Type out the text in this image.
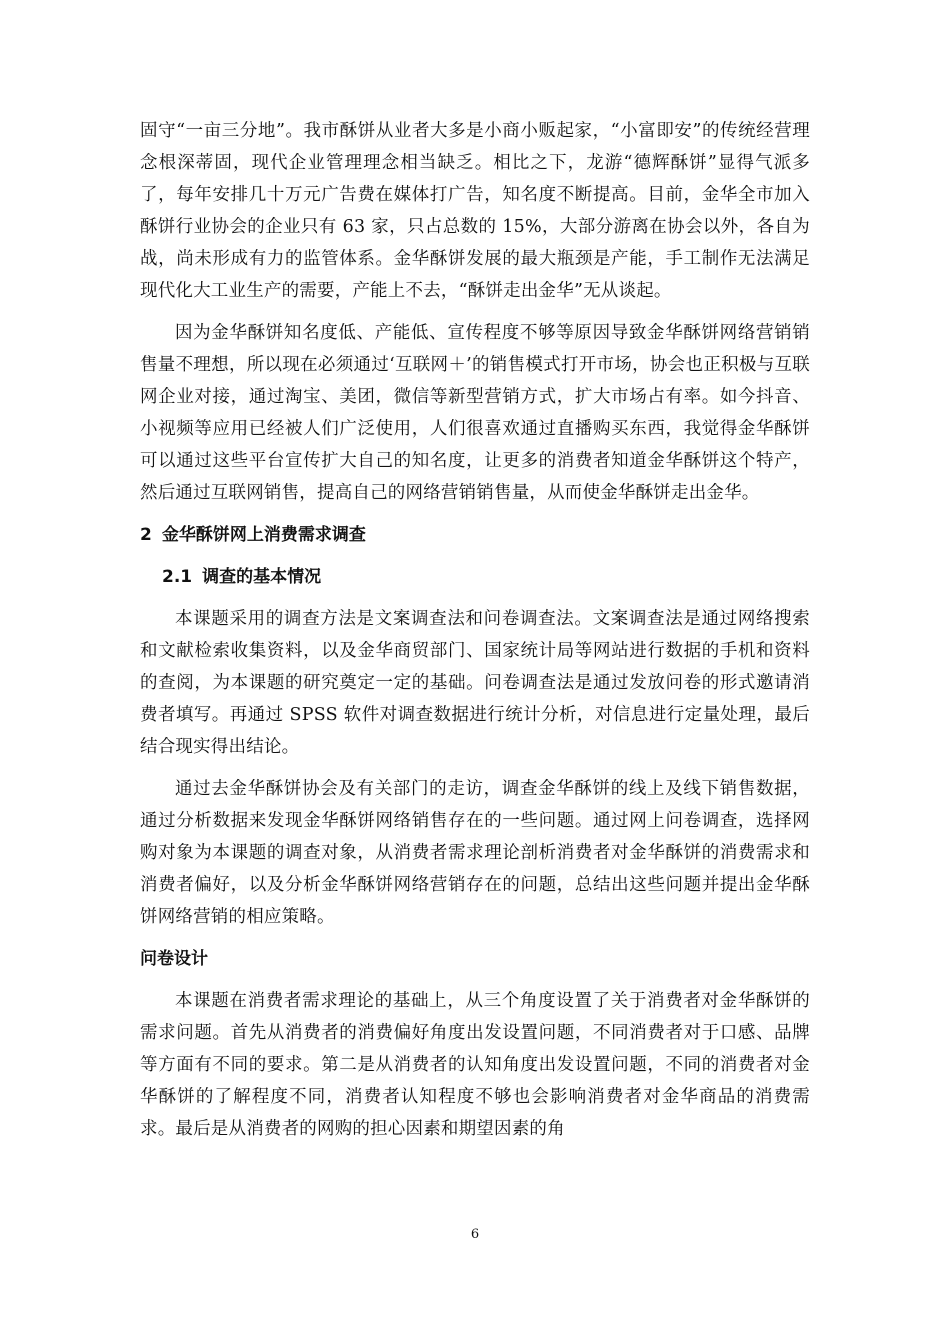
固守“一亩三分地”。我市酥饼从业者大多是小商小贩起家，“小富即安”的传统经营理念根深蒂固，现代企业管理理念相当缺乏。相比之下，龙游“德辉酥饼”显得气派多了，每年安排几十万元广告费在媒体打广告，知名度不断提高。目前，金华全市加入酥饼行业协会的企业只有 63 家，只占总数的 15%，大部分游离在协会以外，各自为战，尚未形成有力的监管体系。金华酥饼发展的最大瓶颈是产能，手工制作无法满足现代化大工业生产的需要，产能上不去，“酥饼走出金华”无从谈起。

因为金华酥饼知名度低、产能低、宣传程度不够等原因导致金华酥饼网络营销销售量不理想，所以现在必须通过‘互联网＋’的销售模式打开市场，协会也正积极与互联网企业对接，通过淘宝、美团，微信等新型营销方式，扩大市场占有率。如今抖音、小视频等应用已经被人们广泛使用，人们很喜欢通过直播购买东西，我觉得金华酥饼可以通过这些平台宣传扩大自己的知名度，让更多的消费者知道金华酥饼这个特产，然后通过互联网销售，提高自己的网络营销销售量，从而使金华酥饼走出金华。

2 金华酥饼网上消费需求调查
2.1 调查的基本情况

本课题采用的调查方法是文案调查法和问卷调查法。文案调查法是通过网络搜索和文献检索收集资料，以及金华商贸部门、国家统计局等网站进行数据的手机和资料的查阅，为本课题的研究奠定一定的基础。问卷调查法是通过发放问卷的形式邀请消费者填写。再通过 SPSS 软件对调查数据进行统计分析，对信息进行定量处理，最后结合现实得出结论。

通过去金华酥饼协会及有关部门的走访，调查金华酥饼的线上及线下销售数据，通过分析数据来发现金华酥饼网络销售存在的一些问题。通过网上问卷调查，选择网购对象为本课题的调查对象，从消费者需求理论剖析消费者对金华酥饼的消费需求和消费者偏好，以及分析金华酥饼网络营销存在的问题，总结出这些问题并提出金华酥饼网络营销的相应策略。

问卷设计

本课题在消费者需求理论的基础上，从三个角度设置了关于消费者对金华酥饼的需求问题。首先从消费者的消费偏好角度出发设置问题，不同消费者对于口感、品牌等方面有不同的要求。第二是从消费者的认知角度出发设置问题，不同的消费者对金华酥饼的了解程度不同，消费者认知程度不够也会影响消费者对金华商品的消费需求。最后是从消费者的网购的担心因素和期望因素的角

6
